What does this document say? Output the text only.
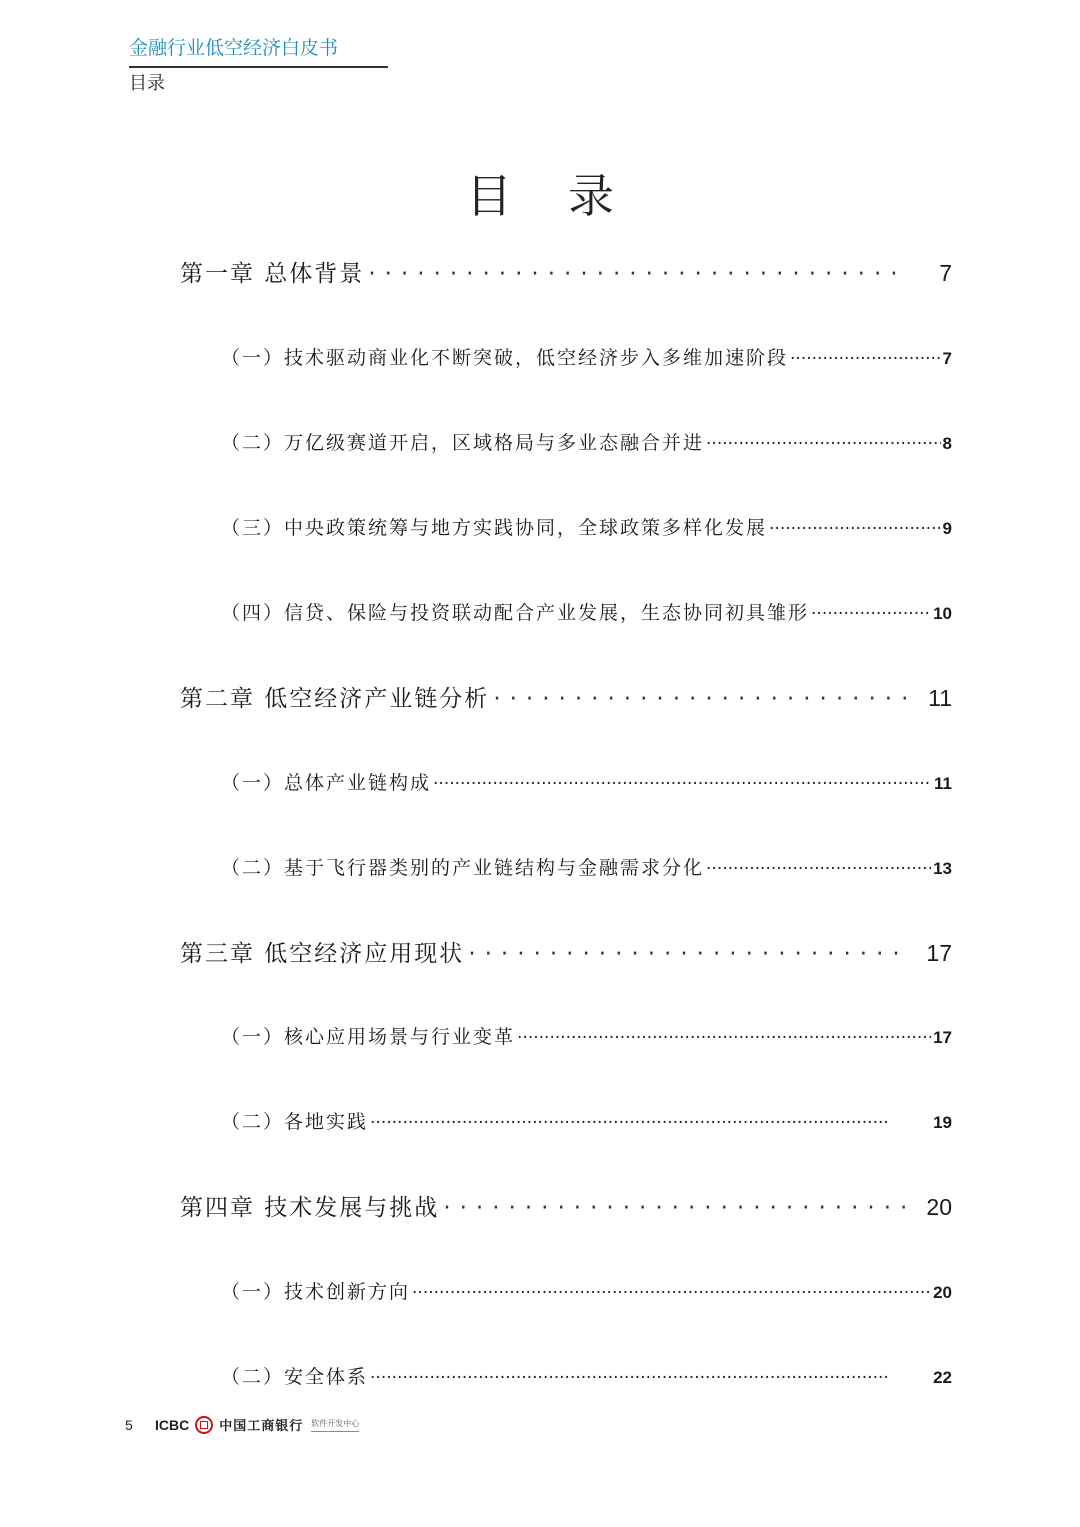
金融行业低空经济白皮书
目录
目录
第一章 总体背景 ·····	7
（一）技术驱动商业化不断突破，低空经济步入多维加速阶段 ·····	7
（二）万亿级赛道开启，区域格局与多业态融合并进 ·····	8
（三）中央政策统筹与地方实践协同，全球政策多样化发展 ·····	9
（四）信贷、保险与投资联动配合产业发展，生态协同初具雏形 ·····	10
第二章 低空经济产业链分析 ·····	11
（一）总体产业链构成 ·····	11
（二）基于飞行器类别的产业链结构与金融需求分化 ·····	13
第三章 低空经济应用现状 ·····	17
（一）核心应用场景与行业变革 ·····	17
（二）各地实践 ·····	19
第四章 技术发展与挑战 ·····	20
（一）技术创新方向 ·····	20
（二）安全体系 ·····	22
5	ICBC 中国工商银行 软件开发中心
